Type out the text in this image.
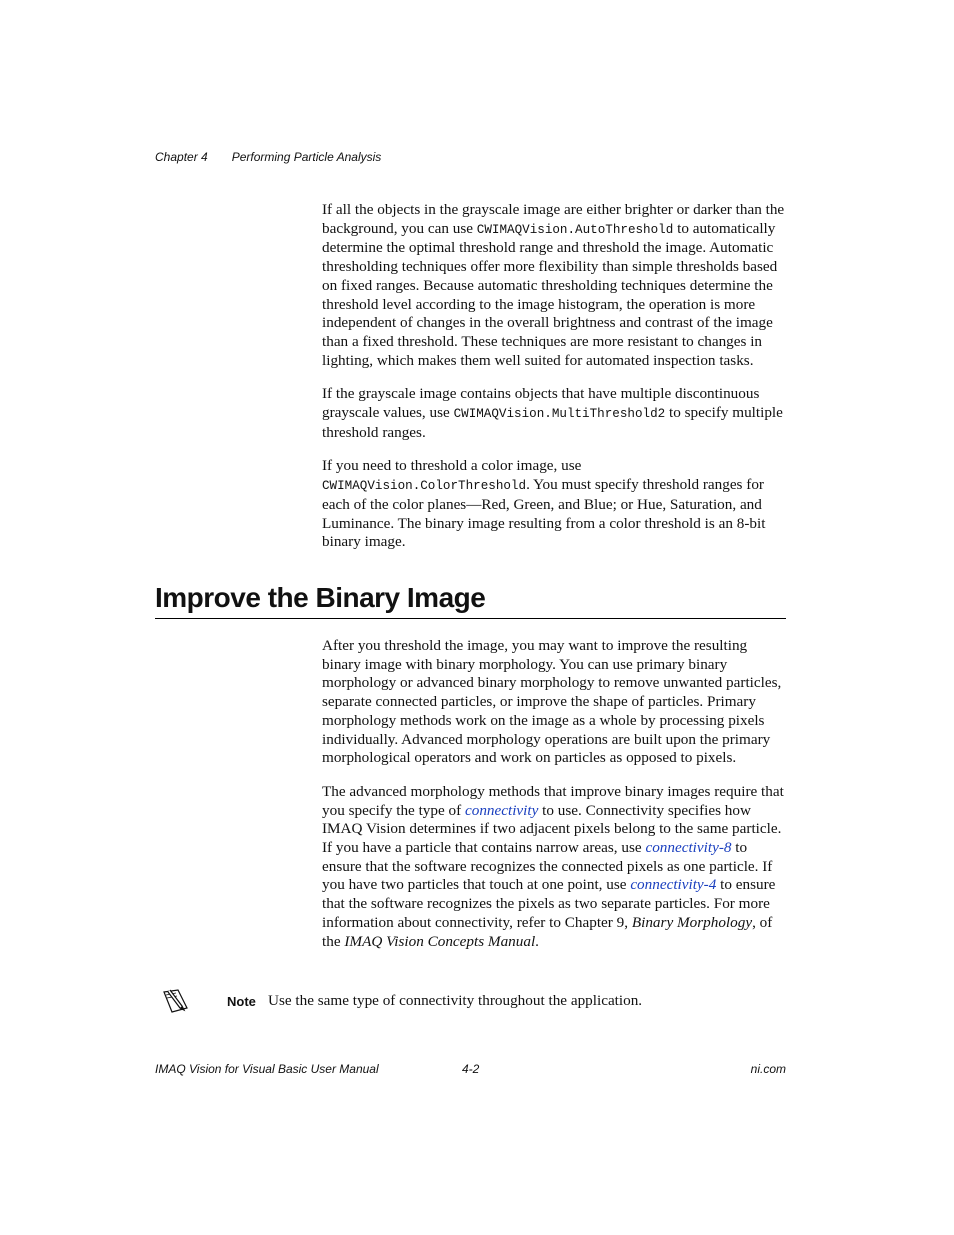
Chapter 4 Performing Particle Analysis

If all the objects in the grayscale image are either brighter or darker than the background, you can use CWIMAQVision.AutoThreshold to automatically determine the optimal threshold range and threshold the image. Automatic thresholding techniques offer more flexibility than simple thresholds based on fixed ranges. Because automatic thresholding techniques determine the threshold level according to the image histogram, the operation is more independent of changes in the overall brightness and contrast of the image than a fixed threshold. These techniques are more resistant to changes in lighting, which makes them well suited for automated inspection tasks.

If the grayscale image contains objects that have multiple discontinuous grayscale values, use CWIMAQVision.MultiThreshold2 to specify multiple threshold ranges.

If you need to threshold a color image, use CWIMAQVision.ColorThreshold. You must specify threshold ranges for each of the color planes—Red, Green, and Blue; or Hue, Saturation, and Luminance. The binary image resulting from a color threshold is an 8-bit binary image.

Improve the Binary Image

After you threshold the image, you may want to improve the resulting binary image with binary morphology. You can use primary binary morphology or advanced binary morphology to remove unwanted particles, separate connected particles, or improve the shape of particles. Primary morphology methods work on the image as a whole by processing pixels individually. Advanced morphology operations are built upon the primary morphological operators and work on particles as opposed to pixels.

The advanced morphology methods that improve binary images require that you specify the type of connectivity to use. Connectivity specifies how IMAQ Vision determines if two adjacent pixels belong to the same particle. If you have a particle that contains narrow areas, use connectivity-8 to ensure that the software recognizes the connected pixels as one particle. If you have two particles that touch at one point, use connectivity-4 to ensure that the software recognizes the pixels as two separate particles. For more information about connectivity, refer to Chapter 9, Binary Morphology, of the IMAQ Vision Concepts Manual.

Note Use the same type of connectivity throughout the application.
IMAQ Vision for Visual Basic User Manual	4-2	ni.com
